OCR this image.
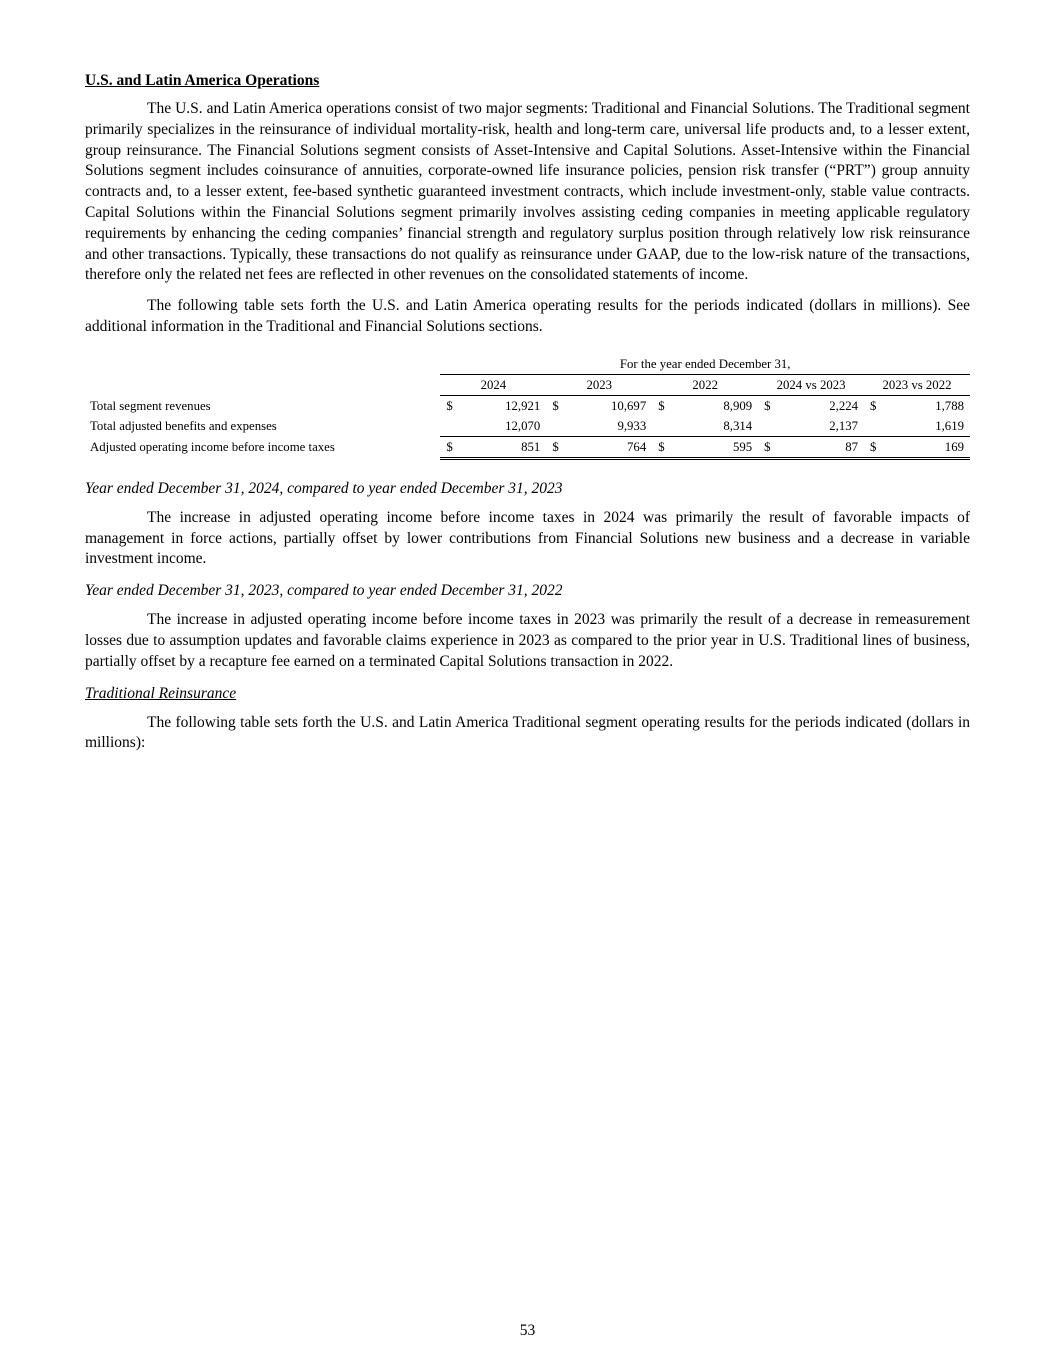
U.S. and Latin America Operations

The U.S. and Latin America operations consist of two major segments: Traditional and Financial Solutions. The Traditional segment primarily specializes in the reinsurance of individual mortality-risk, health and long-term care, universal life products and, to a lesser extent, group reinsurance. The Financial Solutions segment consists of Asset-Intensive and Capital Solutions. Asset-Intensive within the Financial Solutions segment includes coinsurance of annuities, corporate-owned life insurance policies, pension risk transfer (“PRT”) group annuity contracts and, to a lesser extent, fee-based synthetic guaranteed investment contracts, which include investment-only, stable value contracts. Capital Solutions within the Financial Solutions segment primarily involves assisting ceding companies in meeting applicable regulatory requirements by enhancing the ceding companies’ financial strength and regulatory surplus position through relatively low risk reinsurance and other transactions. Typically, these transactions do not qualify as reinsurance under GAAP, due to the low-risk nature of the transactions, therefore only the related net fees are reflected in other revenues on the consolidated statements of income.

The following table sets forth the U.S. and Latin America operating results for the periods indicated (dollars in millions). See additional information in the Traditional and Financial Solutions sections.

	For the year ended December 31,									
	2024		2023		2022		2024 vs 2023		2023 vs 2022	
Total segment revenues	$	12,921	$	10,697	$	8,909	$	2,224	$	1,788
Total adjusted benefits and expenses		12,070		9,933		8,314		2,137		1,619
Adjusted operating income before income taxes	$	851	$	764	$	595	$	87	$	169

Year ended December 31, 2024, compared to year ended December 31, 2023

The increase in adjusted operating income before income taxes in 2024 was primarily the result of favorable impacts of management in force actions, partially offset by lower contributions from Financial Solutions new business and a decrease in variable investment income.

Year ended December 31, 2023, compared to year ended December 31, 2022

The increase in adjusted operating income before income taxes in 2023 was primarily the result of a decrease in remeasurement losses due to assumption updates and favorable claims experience in 2023 as compared to the prior year in U.S. Traditional lines of business, partially offset by a recapture fee earned on a terminated Capital Solutions transaction in 2022.

Traditional Reinsurance

The following table sets forth the U.S. and Latin America Traditional segment operating results for the periods indicated (dollars in millions):

53
